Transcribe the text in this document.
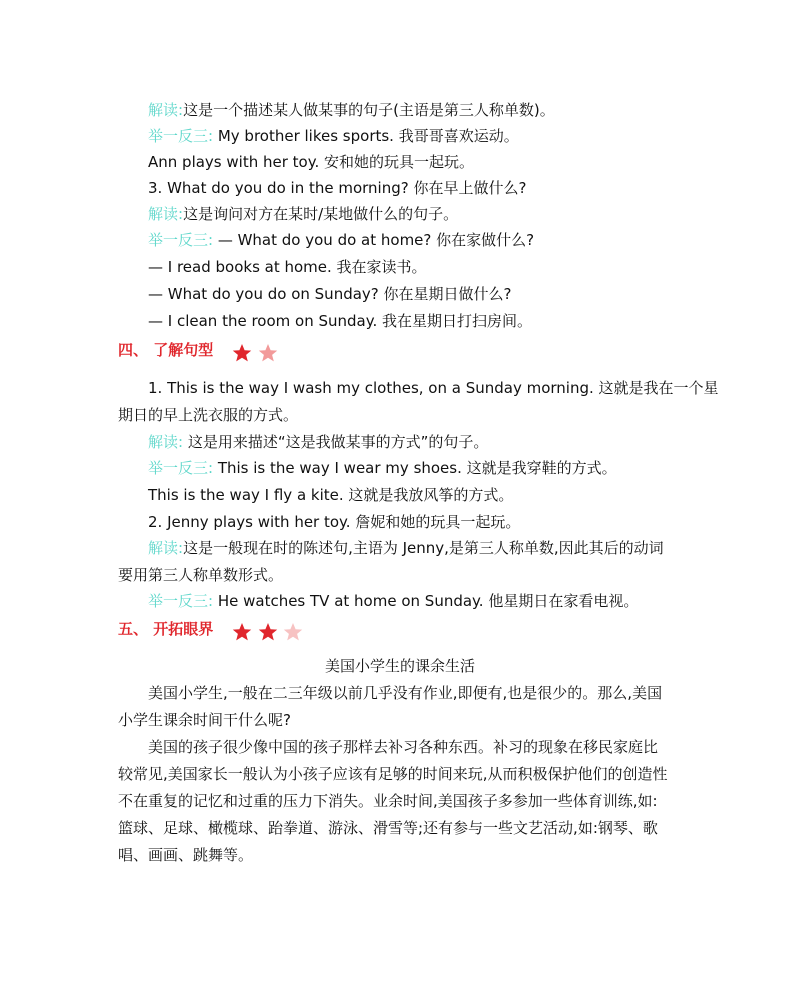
解读:这是一个描述某人做某事的句子(主语是第三人称单数)。
举一反三: My brother likes sports. 我哥哥喜欢运动。
Ann plays with her toy. 安和她的玩具一起玩。
3. What do you do in the morning? 你在早上做什么?
解读:这是询问对方在某时/某地做什么的句子。
举一反三: — What do you do at home? 你在家做什么?
— I read books at home. 我在家读书。
— What do you do on Sunday? 你在星期日做什么?
— I clean the room on Sunday. 我在星期日打扫房间。
四、 了解句型
1. This is the way I wash my clothes, on a Sunday morning. 这就是我在一个星
期日的早上洗衣服的方式。
解读: 这是用来描述“这是我做某事的方式”的句子。
举一反三: This is the way I wear my shoes. 这就是我穿鞋的方式。
This is the way I fly a kite. 这就是我放风筝的方式。
2. Jenny plays with her toy. 詹妮和她的玩具一起玩。
解读:这是一般现在时的陈述句,主语为 Jenny,是第三人称单数,因此其后的动词
要用第三人称单数形式。
举一反三: He watches TV at home on Sunday. 他星期日在家看电视。
五、 开拓眼界
美国小学生的课余生活
美国小学生,一般在二三年级以前几乎没有作业,即便有,也是很少的。那么,美国
小学生课余时间干什么呢?
美国的孩子很少像中国的孩子那样去补习各种东西。补习的现象在移民家庭比
较常见,美国家长一般认为小孩子应该有足够的时间来玩,从而积极保护他们的创造性
不在重复的记忆和过重的压力下消失。业余时间,美国孩子多参加一些体育训练,如:
篮球、足球、橄榄球、跆拳道、游泳、滑雪等;还有参与一些文艺活动,如:钢琴、歌
唱、画画、跳舞等。
